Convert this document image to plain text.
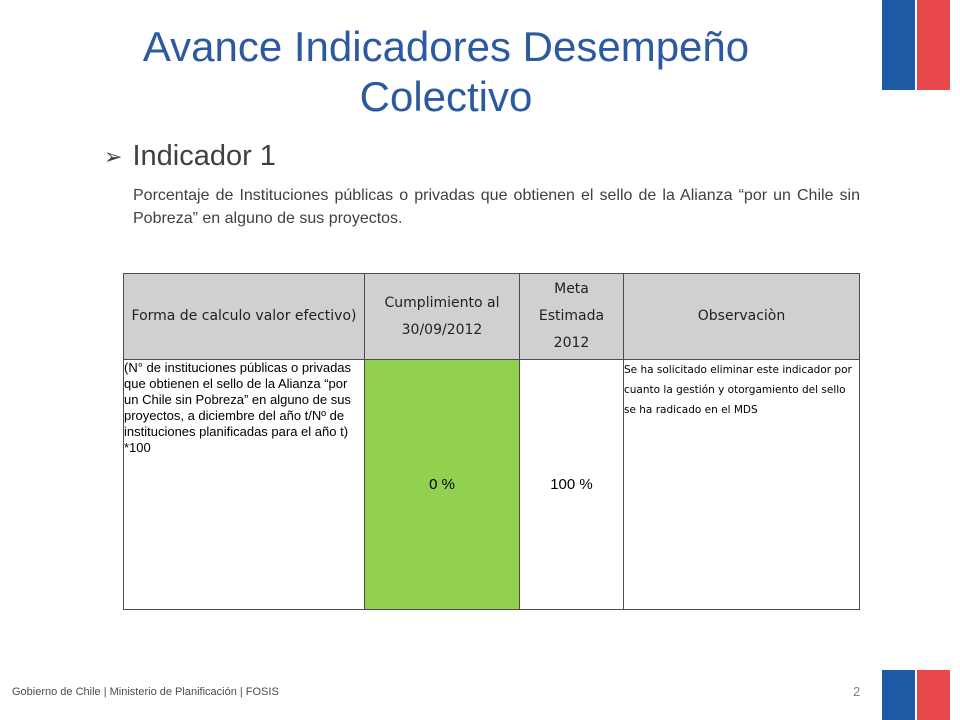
Avance Indicadores Desempeño Colectivo
➢ Indicador 1
Porcentaje de Instituciones públicas o privadas que obtienen el sello de la Alianza “por un Chile sin Pobreza” en alguno de sus proyectos.
Forma de calculo valor efectivo)	Cumplimiento al 30/09/2012	Meta Estimada 2012	Observaciòn
(N° de instituciones públicas o privadas que obtienen el sello de la Alianza “por un Chile sin Pobreza” en alguno de sus proyectos, a diciembre del año t/Nº de instituciones planificadas para el año t) *100	0 %	100 %	Se ha solicitado eliminar este indicador por cuanto la gestión y otorgamiento del sello se ha radicado en el MDS
Gobierno de Chile | Ministerio de Planificación | FOSIS	2
